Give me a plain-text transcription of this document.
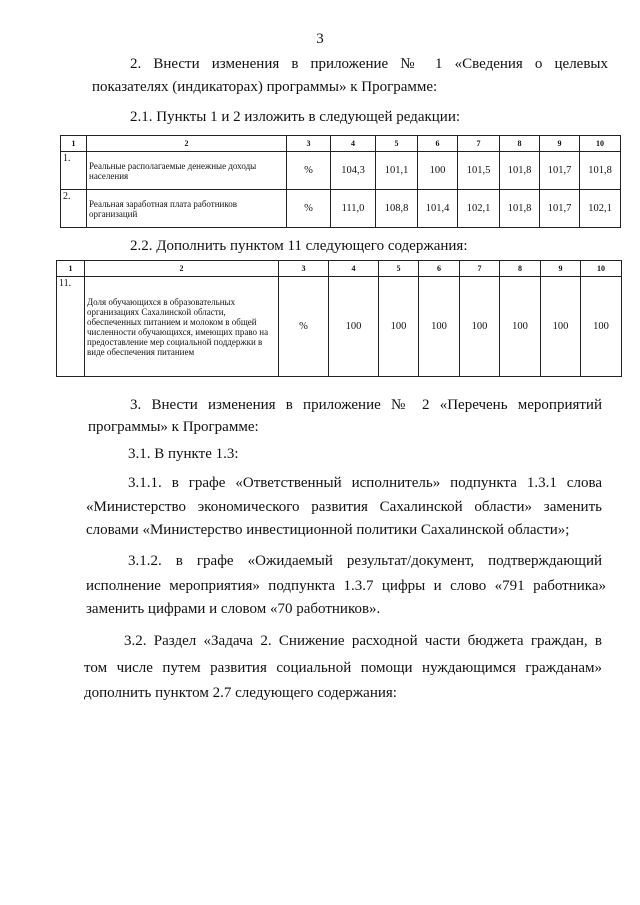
3
2. Внести изменения в приложение № 1 «Сведения о целевых
показателях (индикаторах) программы» к Программе:
2.1. Пункты 1 и 2 изложить в следующей редакции:
1	2	3	4	5	6	7	8	9	10
1.	Реальные располагаемые денежные доходы населения	%	104,3	101,1	100	101,5	101,8	101,7	101,8
2.	Реальная заработная плата работников организаций	%	111,0	108,8	101,4	102,1	101,8	101,7	102,1
2.2. Дополнить пунктом 11 следующего содержания:
1	2	3	4	5	6	7	8	9	10
11.	Доля обучающихся в образовательных организациях Сахалинской области, обеспеченных питанием и молоком в общей численности обучающихся, имеющих право на предоставление мер социальной поддержки в виде обеспечения питанием	%	100	100	100	100	100	100	100
3. Внести изменения в приложение № 2 «Перечень мероприятий
программы» к Программе:
3.1. В пункте 1.3:
3.1.1. в графе «Ответственный исполнитель» подпункта 1.3.1 слова
«Министерство экономического развития Сахалинской области» заменить
словами «Министерство инвестиционной политики Сахалинской области»;
3.1.2. в графе «Ожидаемый результат/документ, подтверждающий
исполнение мероприятия» подпункта 1.3.7 цифры и слово «791 работника»
заменить цифрами и словом «70 работников».
3.2. Раздел «Задача 2. Снижение расходной части бюджета граждан, в
том числе путем развития социальной помощи нуждающимся гражданам»
дополнить пунктом 2.7 следующего содержания:
